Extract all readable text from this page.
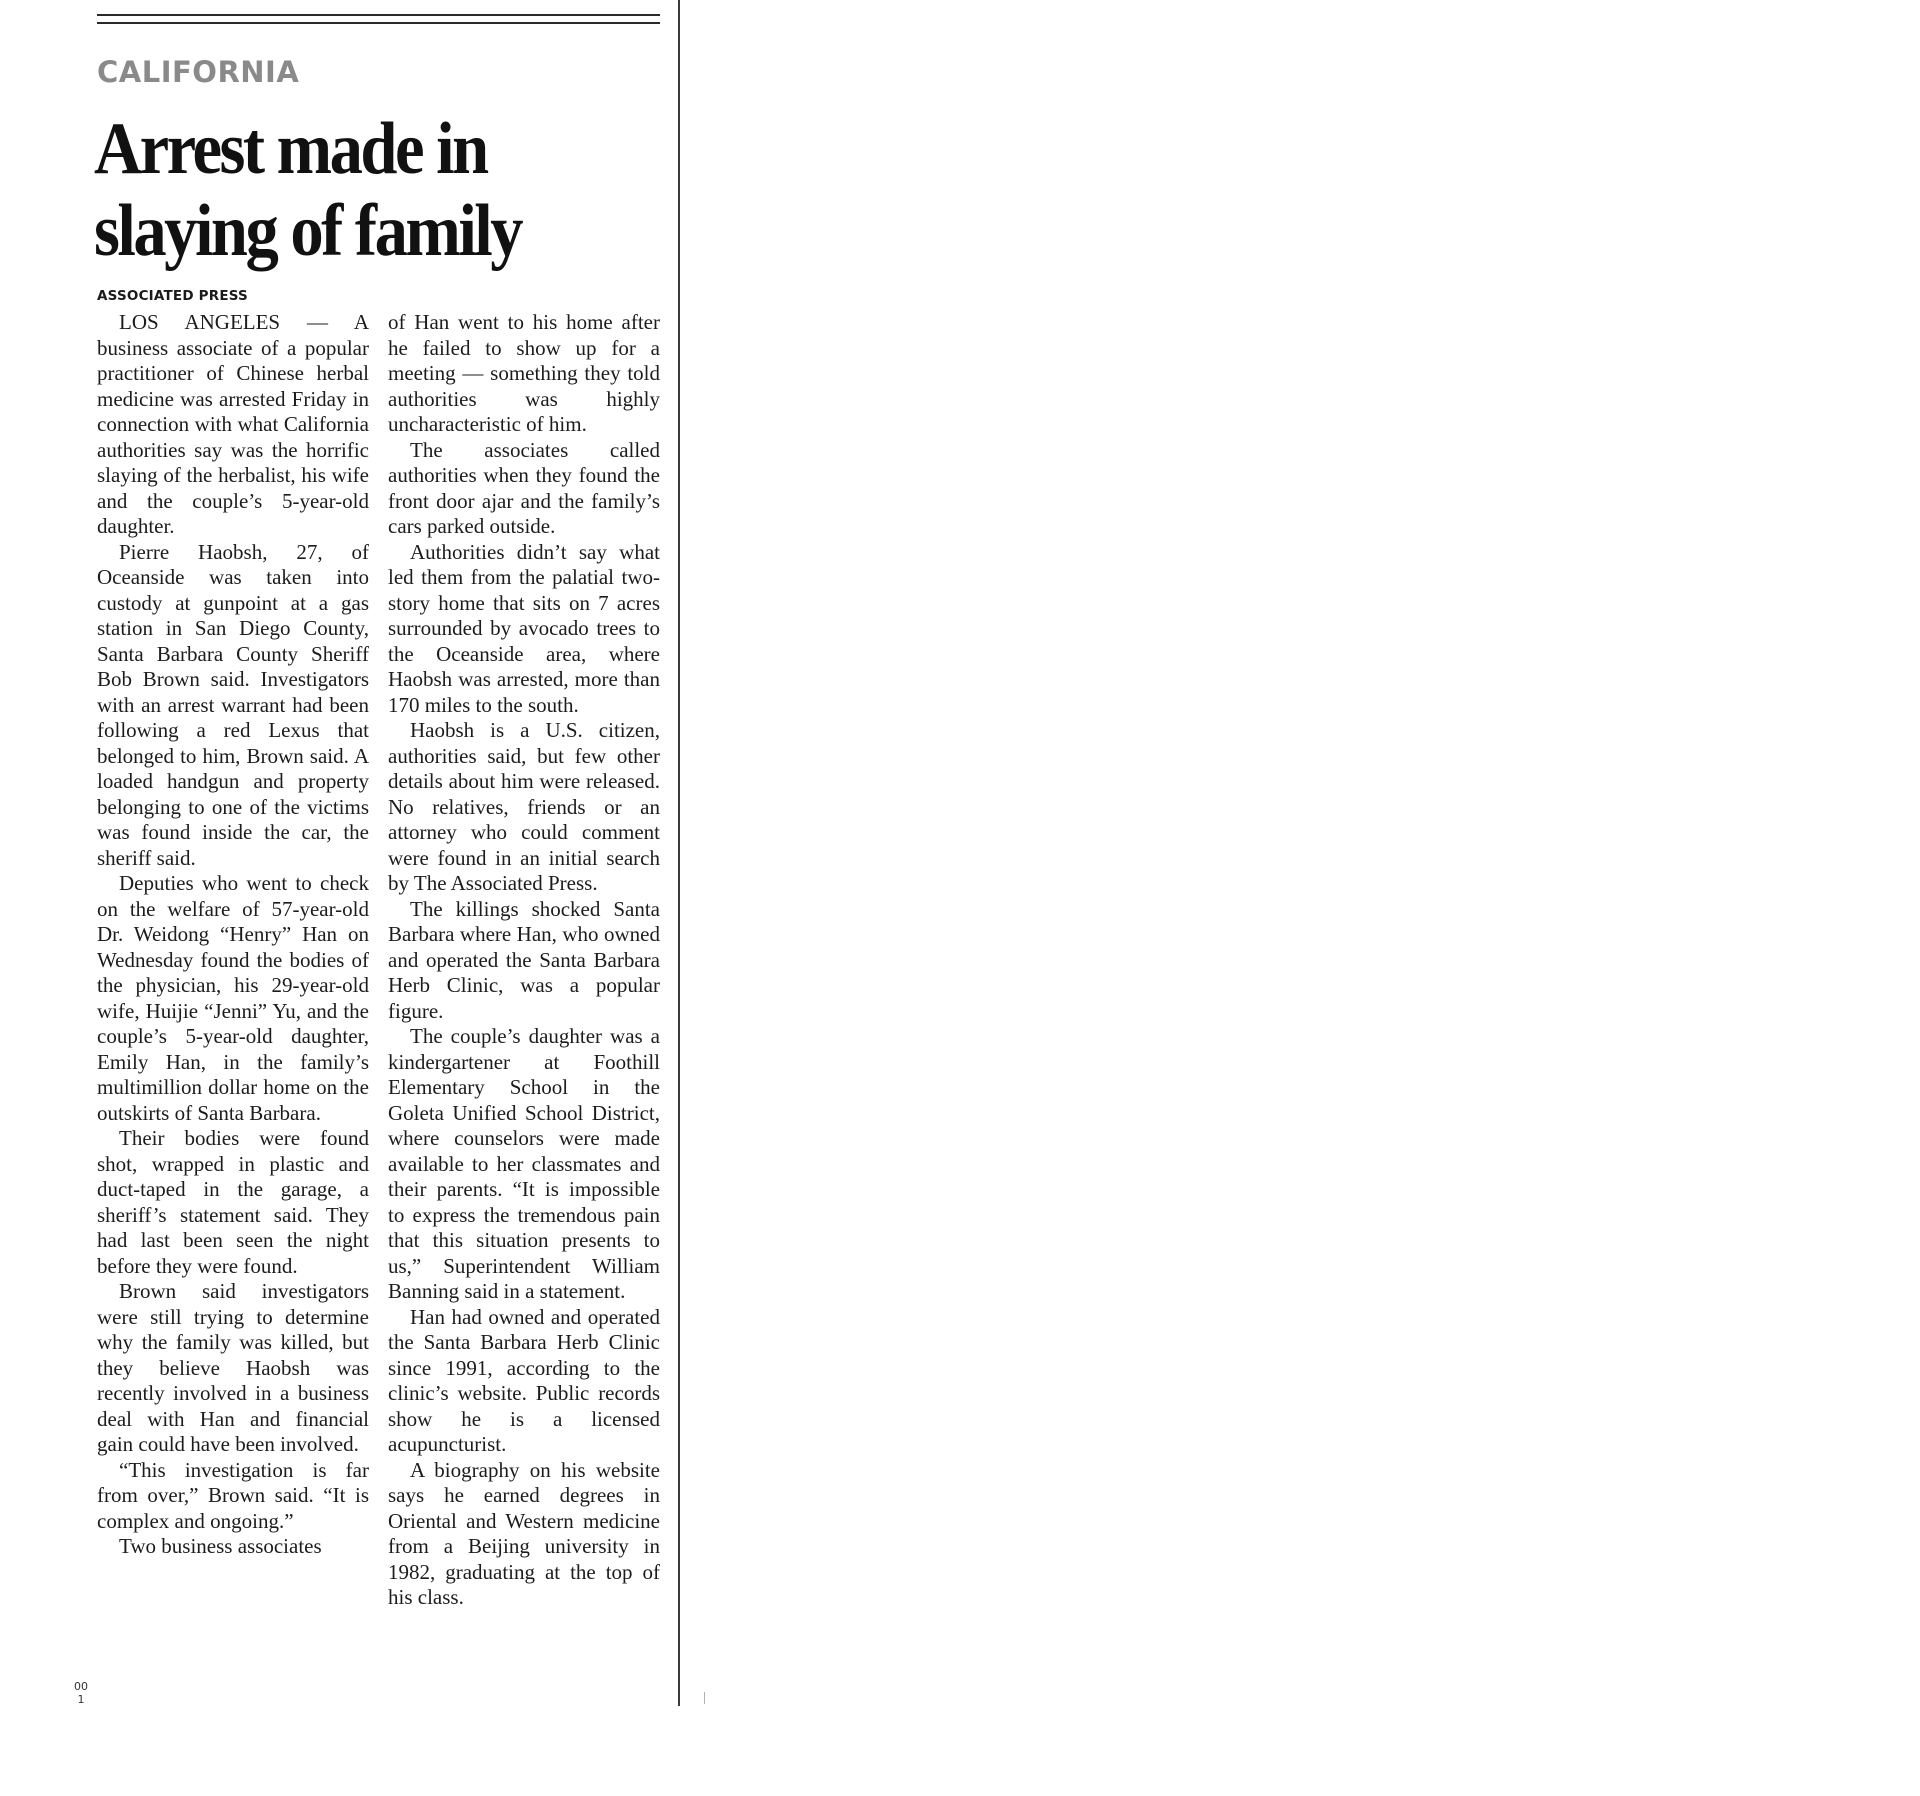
CALIFORNIA
Arrest made in
slaying of family
ASSOCIATED PRESS

LOS ANGELES — A business associate of a popular practitioner of Chinese herbal medicine was arrested Friday in connection with what California authorities say was the horrific slaying of the herbalist, his wife and the couple’s 5-year-old daughter.

Pierre Haobsh, 27, of Oceanside was taken into custody at gunpoint at a gas station in San Diego County, Santa Barbara County Sheriff Bob Brown said. Investigators with an arrest warrant had been following a red Lexus that belonged to him, Brown said. A loaded handgun and property belonging to one of the victims was found inside the car, the sheriff said.

Deputies who went to check on the welfare of 57-year-old Dr. Weidong “Henry” Han on Wednesday found the bodies of the physician, his 29-year-old wife, Huijie “Jenni” Yu, and the couple’s 5-year-old daughter, Emily Han, in the family’s multimillion dollar home on the outskirts of Santa Barbara.

Their bodies were found shot, wrapped in plastic and duct-taped in the garage, a sheriff’s statement said. They had last been seen the night before they were found.

Brown said investigators were still trying to determine why the family was killed, but they believe Haobsh was recently involved in a business deal with Han and financial gain could have been involved.

“This investigation is far from over,” Brown said. “It is complex and ongoing.”

Two business associates

of Han went to his home after he failed to show up for a meeting — something they told authorities was highly uncharacteristic of him.

The associates called authorities when they found the front door ajar and the family’s cars parked outside.

Authorities didn’t say what led them from the palatial two-story home that sits on 7 acres surrounded by avocado trees to the Oceanside area, where Haobsh was arrested, more than 170 miles to the south.

Haobsh is a U.S. citizen, authorities said, but few other details about him were released. No relatives, friends or an attorney who could comment were found in an initial search by The Associated Press.

The killings shocked Santa Barbara where Han, who owned and operated the Santa Barbara Herb Clinic, was a popular figure.

The couple’s daughter was a kindergartener at Foothill Elementary School in the Goleta Unified School District, where counselors were made available to her classmates and their parents. “It is impossible to express the tremendous pain that this situation presents to us,” Superintendent William Banning said in a statement.

Han had owned and operated the Santa Barbara Herb Clinic since 1991, according to the clinic’s website. Public records show he is a licensed acupuncturist.

A biography on his website says he earned degrees in Oriental and Western medicine from a Beijing university in 1982, graduating at the top of his class.

00
1
